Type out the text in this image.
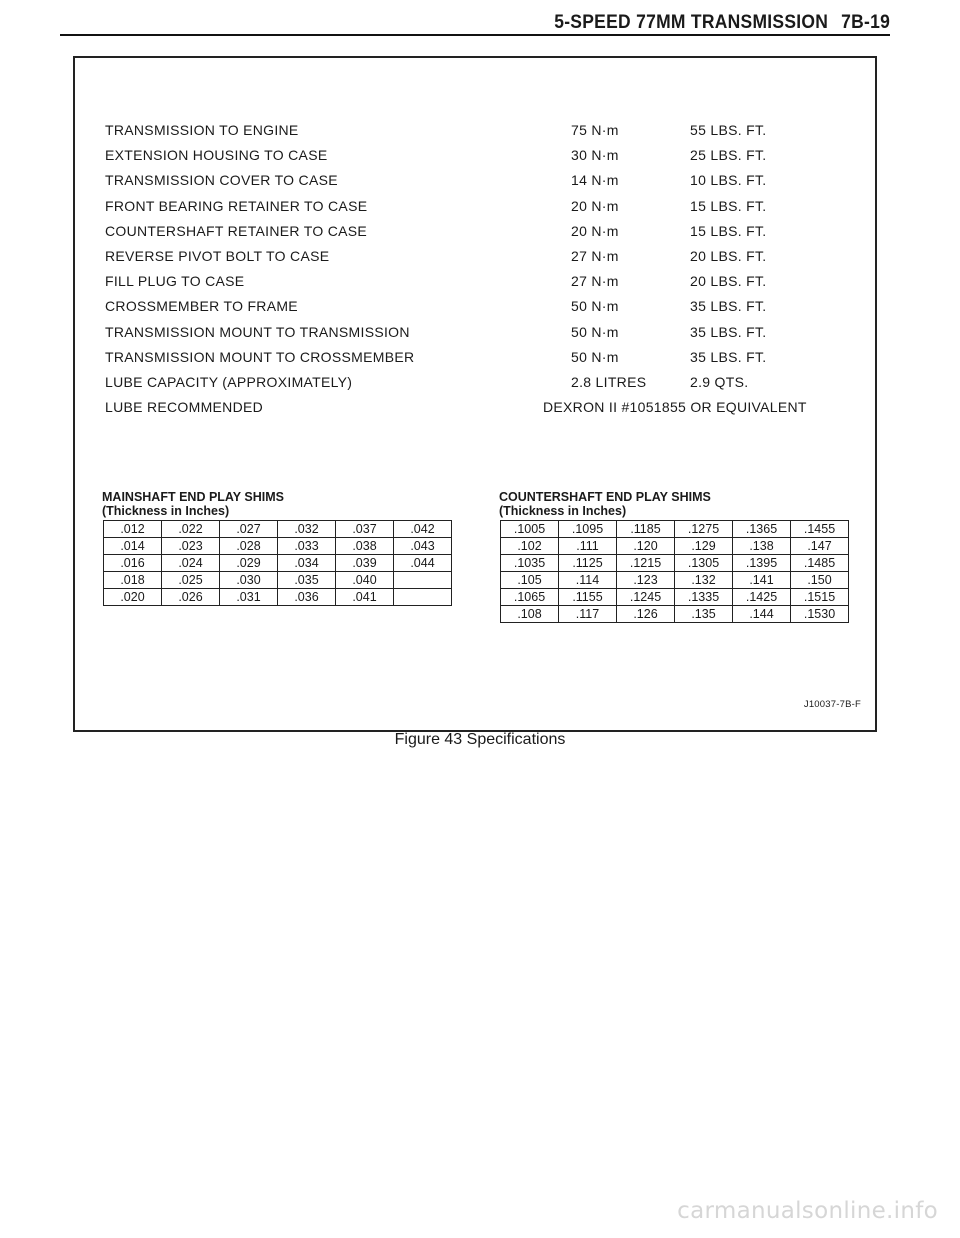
5-SPEED 77MM TRANSMISSION 7B-19
TRANSMISSION TO ENGINE	75 N·m	55 LBS. FT.
EXTENSION HOUSING TO CASE	30 N·m	25 LBS. FT.
TRANSMISSION COVER TO CASE	14 N·m	10 LBS. FT.
FRONT BEARING RETAINER TO CASE	20 N·m	15 LBS. FT.
COUNTERSHAFT RETAINER TO CASE	20 N·m	15 LBS. FT.
REVERSE PIVOT BOLT TO CASE	27 N·m	20 LBS. FT.
FILL PLUG TO CASE	27 N·m	20 LBS. FT.
CROSSMEMBER TO FRAME	50 N·m	35 LBS. FT.
TRANSMISSION MOUNT TO TRANSMISSION	50 N·m	35 LBS. FT.
TRANSMISSION MOUNT TO CROSSMEMBER	50 N·m	35 LBS. FT.
LUBE CAPACITY (APPROXIMATELY)	2.8 LITRES	2.9 QTS.
LUBE RECOMMENDED	DEXRON II #1051855 OR EQUIVALENT
MAINSHAFT END PLAY SHIMS
(Thickness in Inches)
.012	.022	.027	.032	.037	.042
.014	.023	.028	.033	.038	.043
.016	.024	.029	.034	.039	.044
.018	.025	.030	.035	.040	
.020	.026	.031	.036	.041	
COUNTERSHAFT END PLAY SHIMS
(Thickness in Inches)
.1005	.1095	.1185	.1275	.1365	.1455
.102	.111	.120	.129	.138	.147
.1035	.1125	.1215	.1305	.1395	.1485
.105	.114	.123	.132	.141	.150
.1065	.1155	.1245	.1335	.1425	.1515
.108	.117	.126	.135	.144	.1530
J10037-7B-F
Figure 43 Specifications
carmanualsonline.info
